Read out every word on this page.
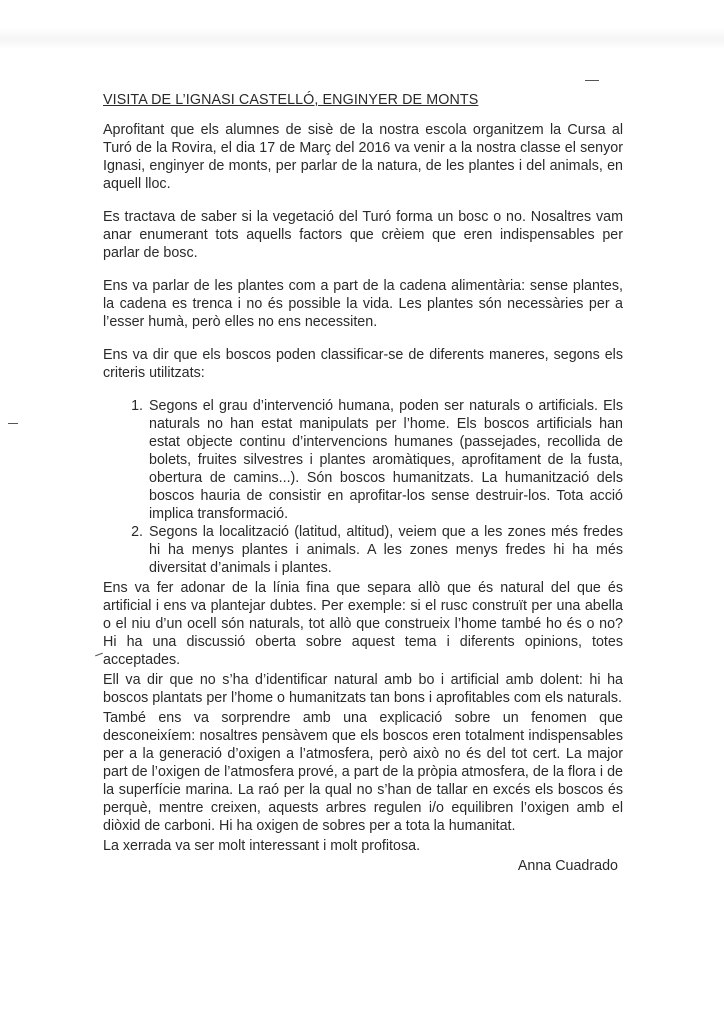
VISITA DE L’IGNASI CASTELLÓ, ENGINYER DE MONTS

Aprofitant que els alumnes de sisè de la nostra escola organitzem la Cursa al Turó de la Rovira, el dia 17 de Març del 2016 va venir a la nostra classe el senyor Ignasi, enginyer de monts, per parlar de la natura, de les plantes i del animals, en aquell lloc.

Es tractava de saber si la vegetació del Turó forma un bosc o no. Nosaltres vam anar enumerant tots aquells factors que crèiem que eren indispensables per parlar de bosc.

Ens va parlar de les plantes com a part de la cadena alimentària: sense plantes, la cadena es trenca i no és possible la vida. Les plantes són necessàries per a l’esser humà, però elles no ens necessiten.

Ens va dir que els boscos poden classificar-se de diferents maneres, segons els criteris utilitzats:

1. Segons el grau d’intervenció humana, poden ser naturals o artificials. Els naturals no han estat manipulats per l’home. Els boscos artificials han estat objecte continu d’intervencions humanes (passejades, recollida de bolets, fruites silvestres i plantes aromàtiques, aprofitament de la fusta, obertura de camins...). Són boscos humanitzats. La humanització dels boscos hauria de consistir en aprofitar-los sense destruir-los. Tota acció implica transformació.
2. Segons la localització (latitud, altitud), veiem que a les zones més fredes hi ha menys plantes i animals. A les zones menys fredes hi ha més diversitat d’animals i plantes.

Ens va fer adonar de la línia fina que separa allò que és natural del que és artificial i ens va plantejar dubtes. Per exemple: si el rusc construït per una abella o el niu d’un ocell són naturals, tot allò que construeix l’home també ho és o no? Hi ha una discussió oberta sobre aquest tema i diferents opinions, totes acceptades.

Ell va dir que no s’ha d’identificar natural amb bo i artificial amb dolent: hi ha boscos plantats per l’home o humanitzats tan bons i aprofitables com els naturals.

També ens va sorprendre amb una explicació sobre un fenomen que desconeixíem: nosaltres pensàvem que els boscos eren totalment indispensables per a la generació d’oxigen a l’atmosfera, però això no és del tot cert. La major part de l’oxigen de l’atmosfera prové, a part de la pròpia atmosfera, de la flora i de la superfície marina. La raó per la qual no s’han de tallar en excés els boscos és perquè, mentre creixen, aquests arbres regulen i/o equilibren l’oxigen amb el diòxid de carboni. Hi ha oxigen de sobres per a tota la humanitat.

La xerrada va ser molt interessant i molt profitosa.

Anna Cuadrado
